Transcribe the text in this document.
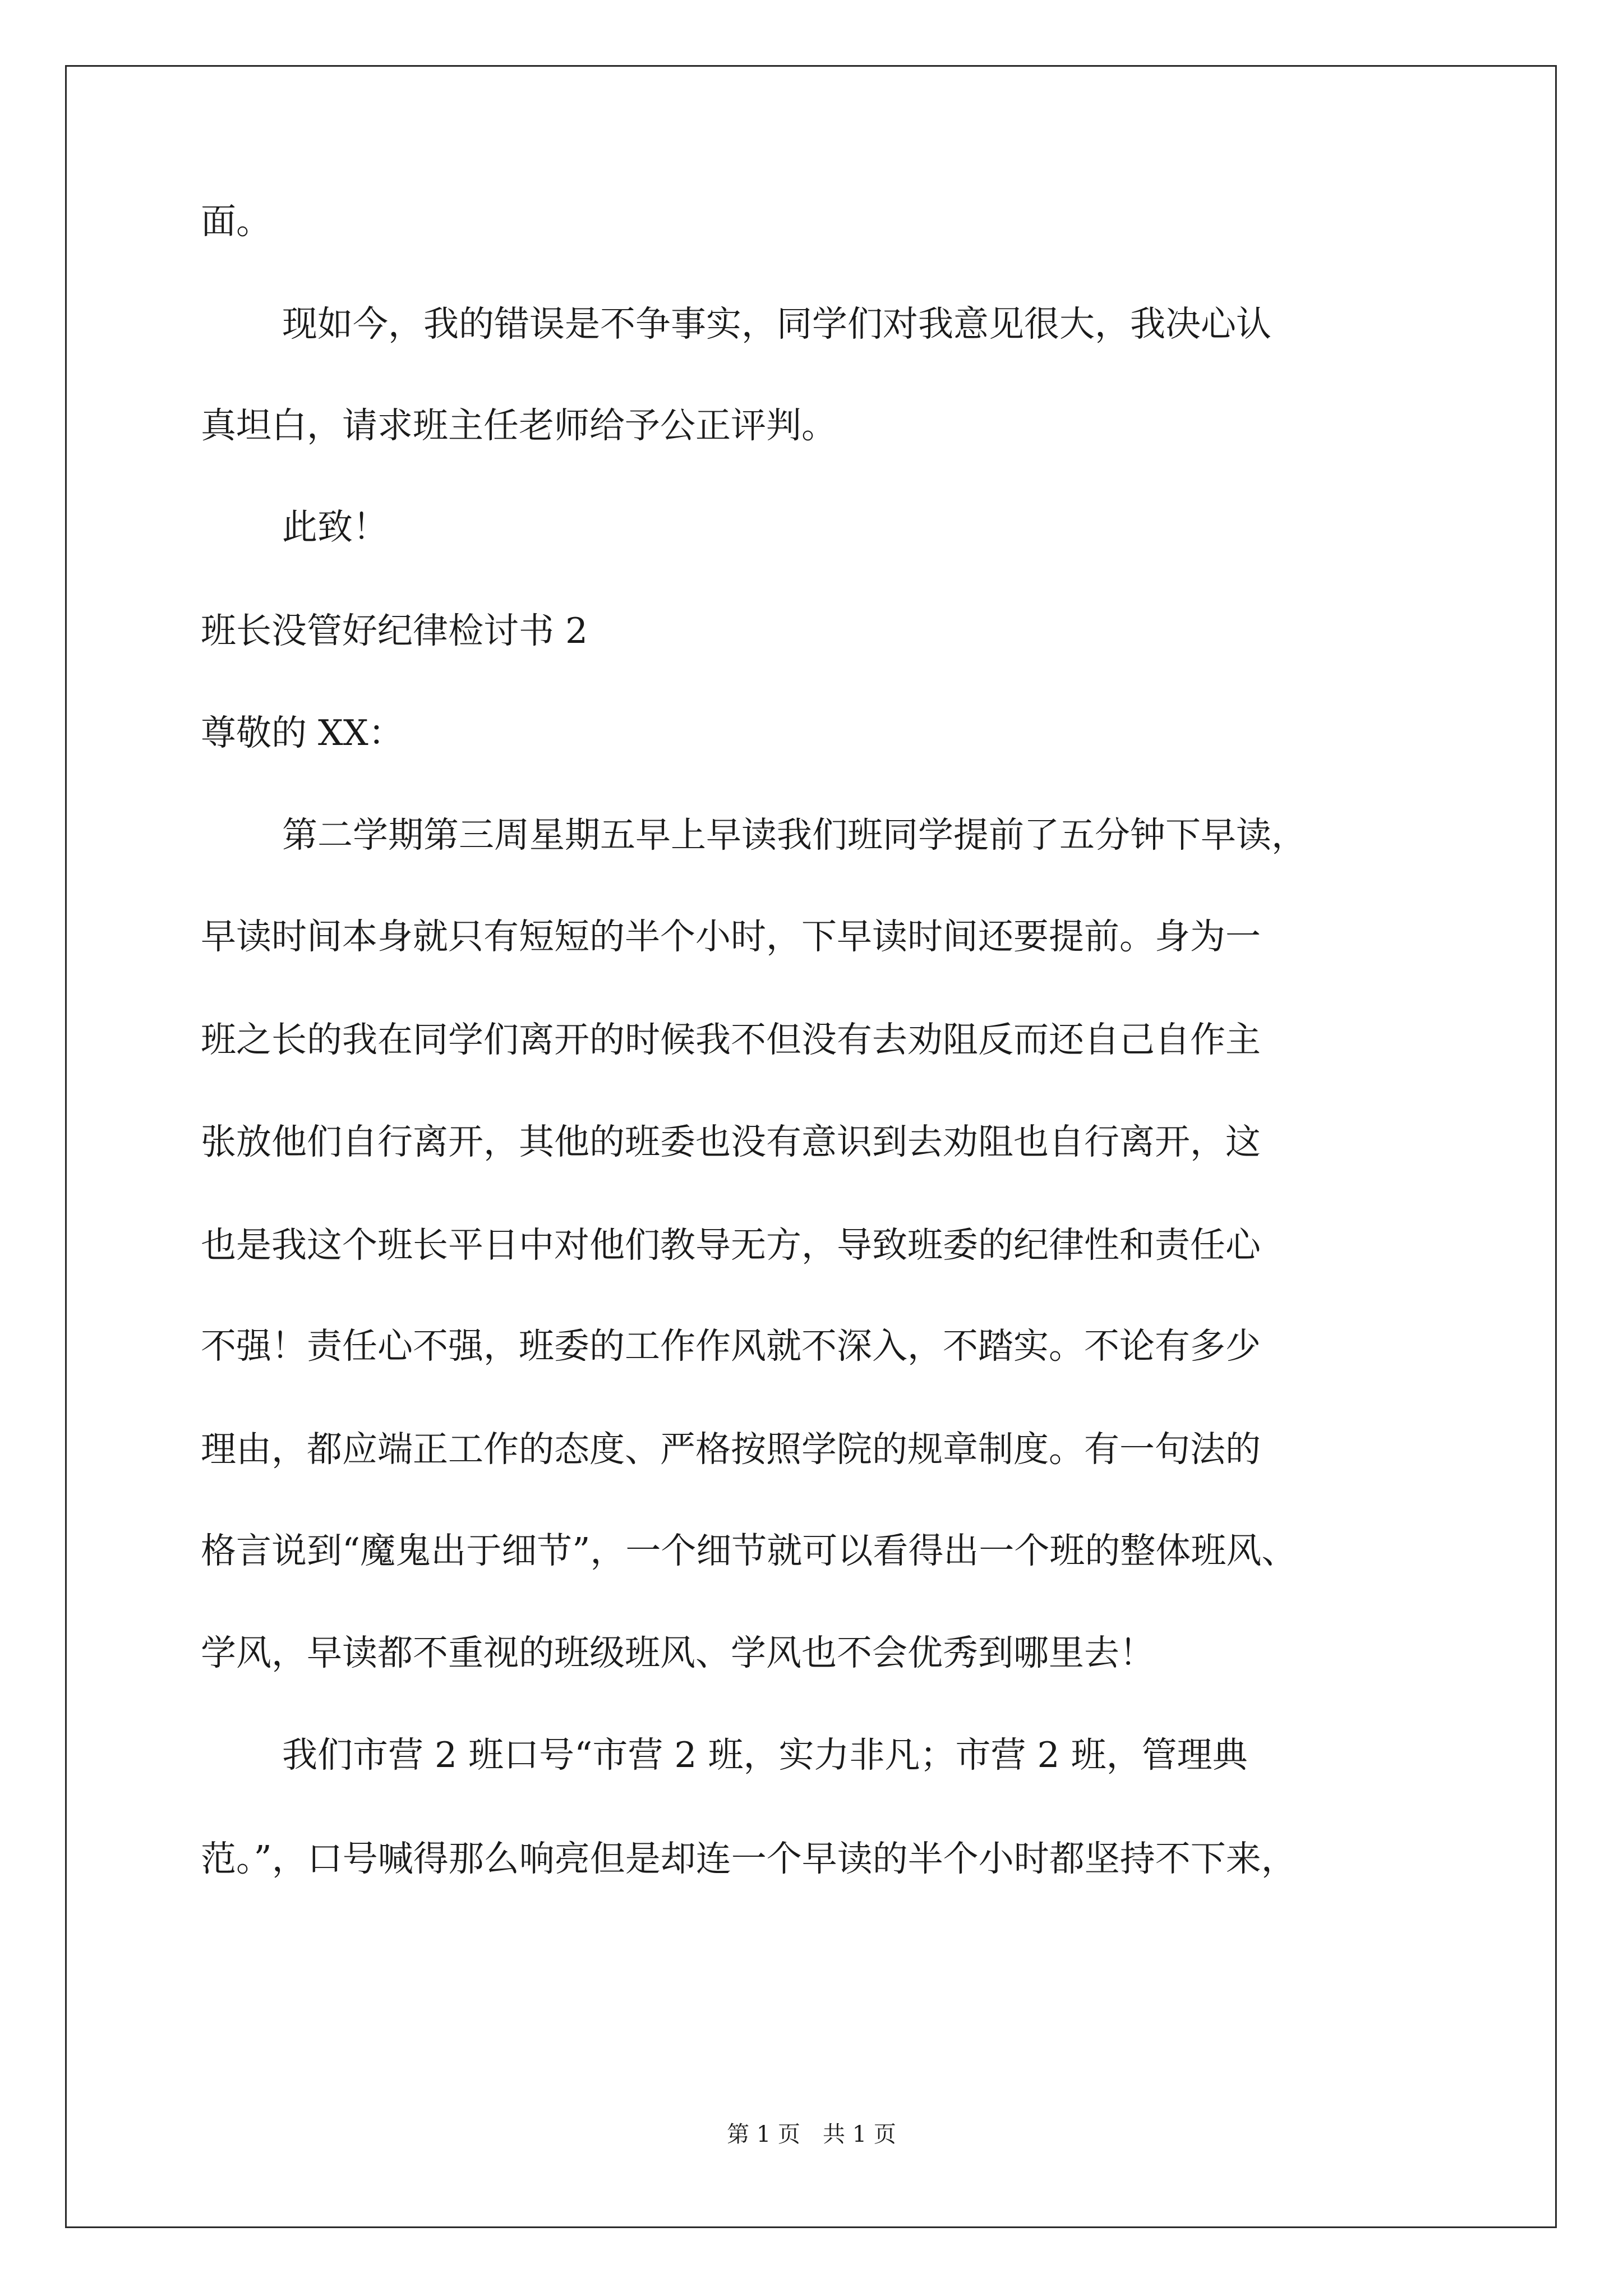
面。

现如今，我的错误是不争事实，同学们对我意见很大，我决心认

真坦白，请求班主任老师给予公正评判。

此致！

班长没管好纪律检讨书 2

尊敬的 XX：

第二学期第三周星期五早上早读我们班同学提前了五分钟下早读，

早读时间本身就只有短短的半个小时，下早读时间还要提前。身为一

班之长的我在同学们离开的时候我不但没有去劝阻反而还自己自作主

张放他们自行离开，其他的班委也没有意识到去劝阻也自行离开，这

也是我这个班长平日中对他们教导无方，导致班委的纪律性和责任心

不强！责任心不强，班委的工作作风就不深入，不踏实。不论有多少

理由，都应端正工作的态度、严格按照学院的规章制度。有一句法的

格言说到“魔鬼出于细节”，一个细节就可以看得出一个班的整体班风、

学风，早读都不重视的班级班风、学风也不会优秀到哪里去！

我们市营 2 班口号“市营 2 班，实力非凡；市营 2 班，管理典

范。”，口号喊得那么响亮但是却连一个早读的半个小时都坚持不下来，

第 1 页　共 1 页
